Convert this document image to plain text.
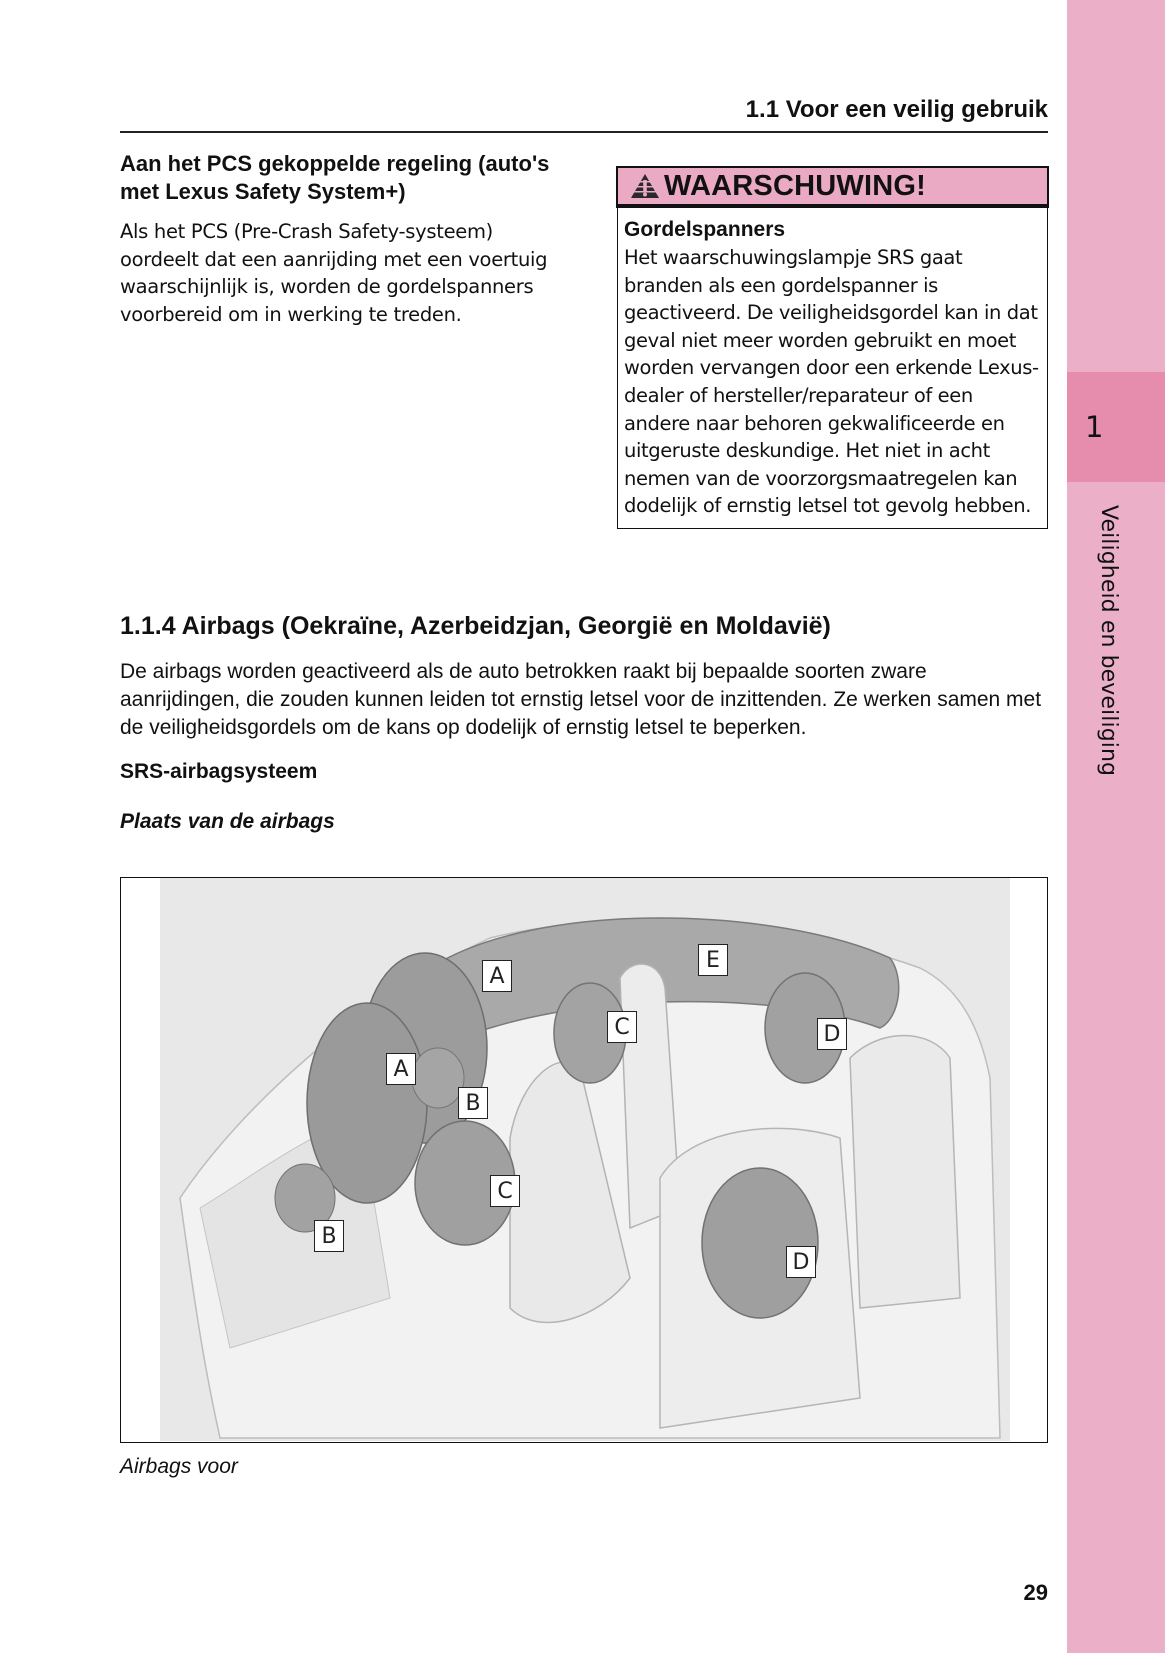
1
Veiligheid en beveiliging
1.1 Voor een veilig gebruik
Aan het PCS gekoppelde regeling (auto's met Lexus Safety System+)
Als het PCS (Pre-Crash Safety-systeem) oordeelt dat een aanrijding met een voertuig waarschijnlijk is, worden de gordelspanners voorbereid om in werking te treden.
WAARSCHUWING!
Gordelspanners
Het waarschuwingslampje SRS gaat branden als een gordelspanner is geactiveerd. De veiligheidsgordel kan in dat geval niet meer worden gebruikt en moet worden vervangen door een erkende Lexus-dealer of hersteller/reparateur of een andere naar behoren gekwalificeerde en uitgeruste deskundige. Het niet in acht nemen van de voorzorgsmaatregelen kan dodelijk of ernstig letsel tot gevolg hebben.
1.1.4 Airbags (Oekraïne, Azerbeidzjan, Georgië en Moldavië)
De airbags worden geactiveerd als de auto betrokken raakt bij bepaalde soorten zware aanrijdingen, die zouden kunnen leiden tot ernstig letsel voor de inzittenden. Ze werken samen met de veiligheidsgordels om de kans op dodelijk of ernstig letsel te beperken.
SRS-airbagsysteem
Plaats van de airbags
A
A
B
B
C
C
D
D
E
Airbags voor
29
